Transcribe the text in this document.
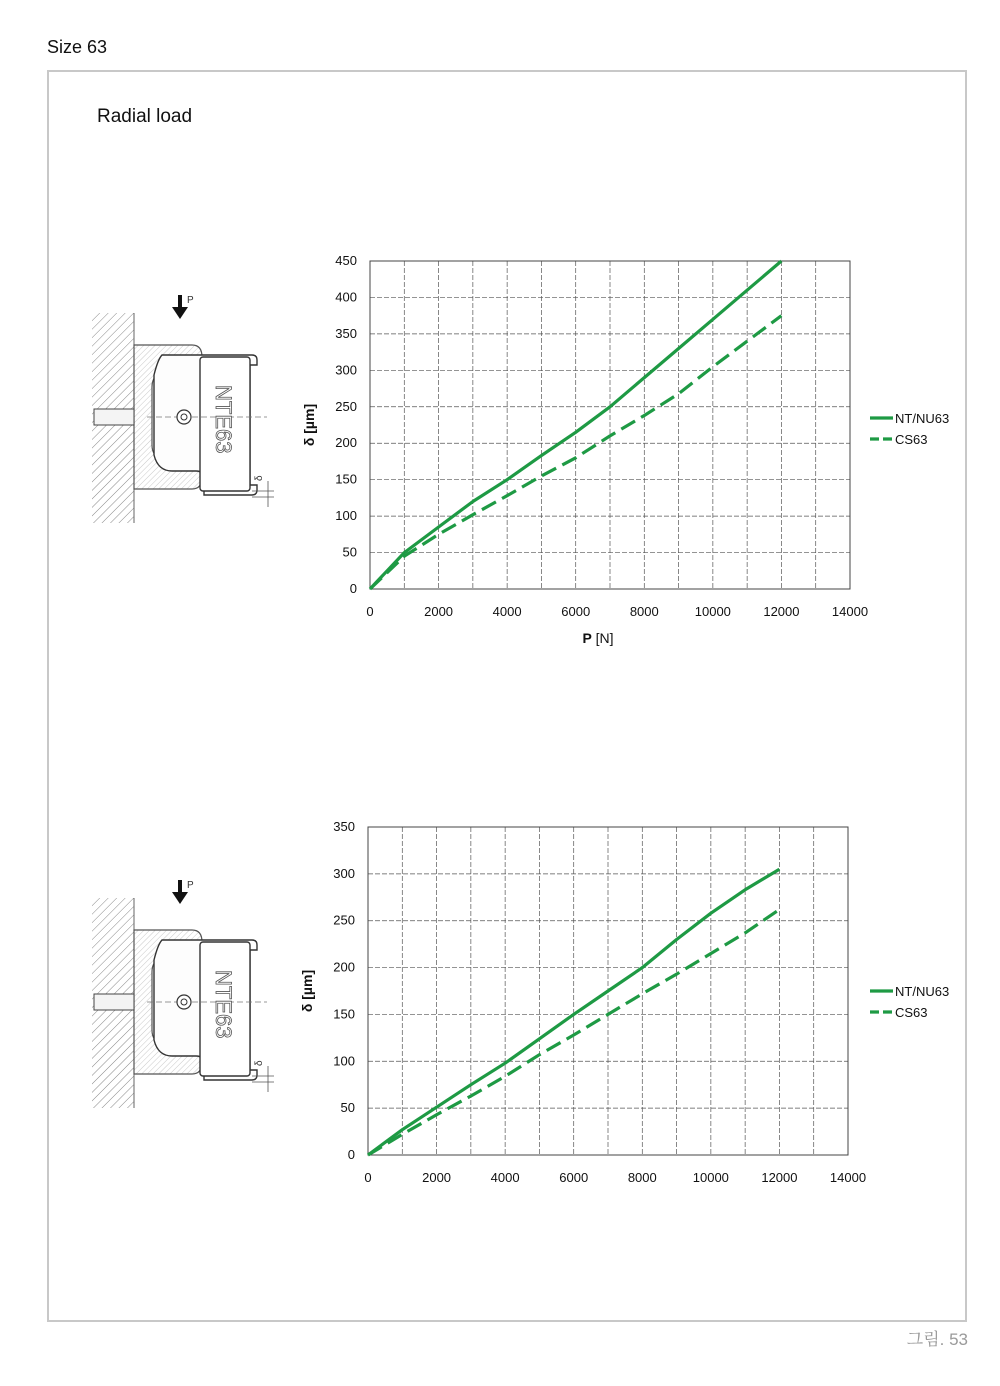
Size 63
Radial load
그림. 53
NTE63
P
δ
NTE63
P
δ
0	2000	4000	6000	8000	10000 12000 14000
0
50
100
150
200
250
300
350
400
450
δ [µm]
P [N]
NT/NU63
CS63
0	2000	4000	6000	8000	10000 12000 14000
0
50
100
150
200
250
300
350
δ [µm]	NT/NU63
CS63
